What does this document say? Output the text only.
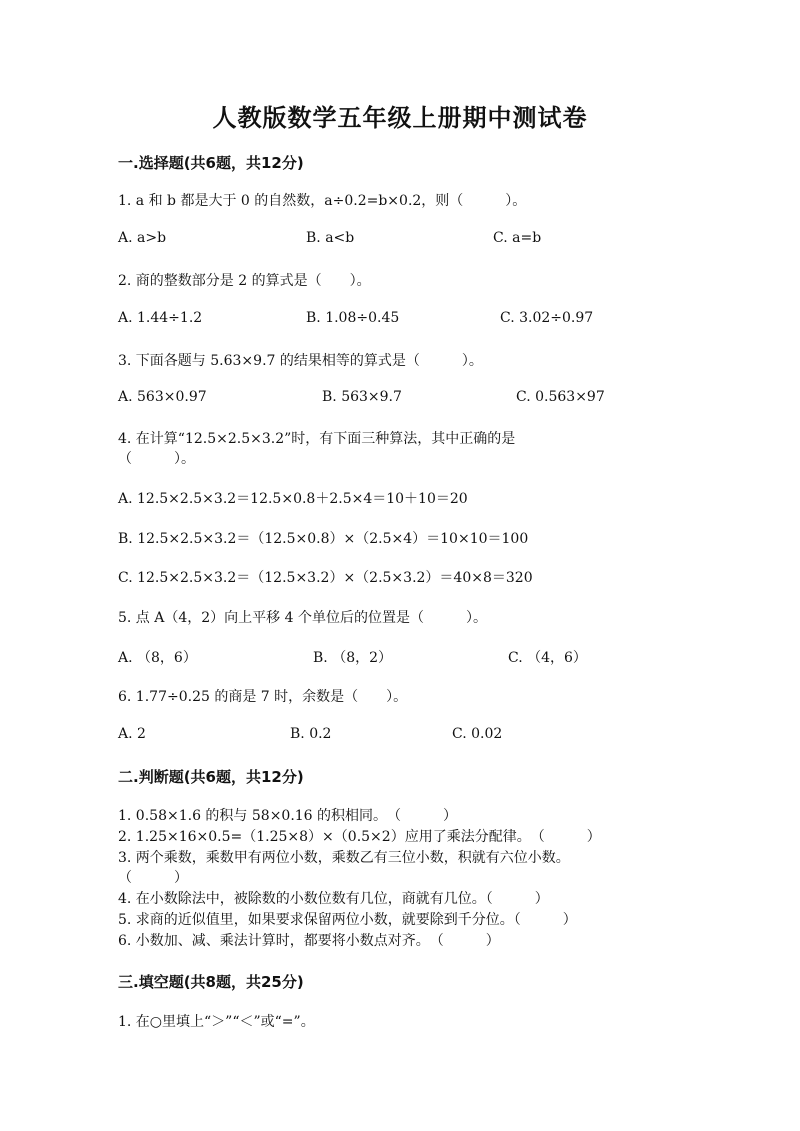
人教版数学五年级上册期中测试卷
一.选择题(共6题，共12分)
1. a 和 b 都是大于 0 的自然数，a÷0.2=b×0.2，则（　　　）。
A. a>b	B. a<b	C. a=b
2. 商的整数部分是 2 的算式是（　　）。
A. 1.44÷1.2	B. 1.08÷0.45	C. 3.02÷0.97
3. 下面各题与 5.63×9.7 的结果相等的算式是（　　　）。
A. 563×0.97	B. 563×9.7	C. 0.563×97
4. 在计算“12.5×2.5×3.2”时，有下面三种算法，其中正确的是
（　　　）。
A. 12.5×2.5×3.2＝12.5×0.8＋2.5×4＝10＋10＝20
B. 12.5×2.5×3.2＝（12.5×0.8）×（2.5×4）＝10×10＝100
C. 12.5×2.5×3.2＝（12.5×3.2）×（2.5×3.2）＝40×8＝320
5. 点 A（4，2）向上平移 4 个单位后的位置是（　　　）。
A. （8，6）	B. （8，2）	C. （4，6）
6. 1.77÷0.25 的商是 7 时，余数是（　　）。
A. 2	B. 0.2	C. 0.02
二.判断题(共6题，共12分)
1. 0.58×1.6 的积与 58×0.16 的积相同。　（　　　）
2. 1.25×16×0.5=（1.25×8）×（0.5×2）应用了乘法分配律。　（　　　）
3. 两个乘数，乘数甲有两位小数，乘数乙有三位小数，积就有六位小数。
（　　　）
4. 在小数除法中，被除数的小数位数有几位，商就有几位。（　　　）
5. 求商的近似值里，如果要求保留两位小数，就要除到千分位。（　　　）
6. 小数加、减、乘法计算时，都要将小数点对齐。　（　　　）
三.填空题(共8题，共25分)
1. 在○里填上“＞”“＜”或“=”。
